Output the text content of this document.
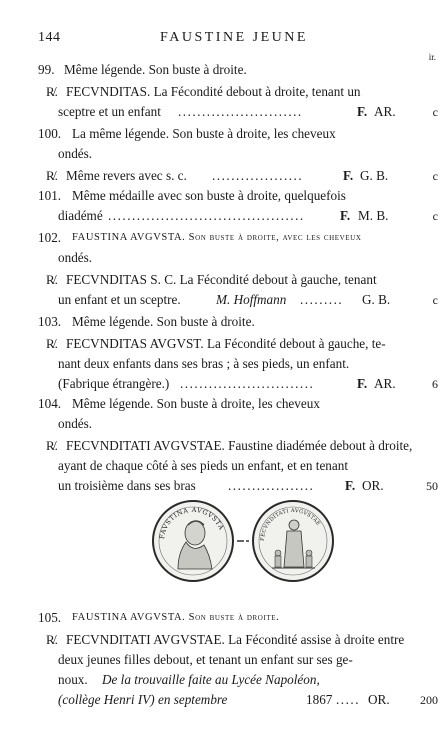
144	FAUSTINE JEUNE
ir.
99. Même légende. Son buste à droite.
R̸. FECVNDITAS. La Fécondité debout à droite, tenant un
sceptre et un enfant ..........................	F. AR.	c
100. La même légende. Son buste à droite, les cheveux
ondés.
R̸. Même revers avec s. c. ...................	F. G. B.	c
101. Même médaille avec son buste à droite, quelquefois
diadémé .........................................	F. M. B.	c
102. FAUSTINA AVGVSTA. Son buste à droite, avec les cheveux
ondés.
R̸. FECVNDITAS S. C. La Fécondité debout à gauche, tenant
un enfant et un sceptre.	M. Hoffmann ......... G. B.	c
103. Même légende. Son buste à droite.
R̸. FECVNDITAS AVGVST. La Fécondité debout à gauche, te-
nant deux enfants dans ses bras ; à ses pieds, un enfant.
(Fabrique étrangère.) ............................	F. AR.	6
104. Même légende. Son buste à droite, les cheveux
ondés.
R̸. FECVNDITATI AVGVSTAE. Faustine diadémée debout à droite,
ayant de chaque côté à ses pieds un enfant, et en tenant
un troisième dans ses bras .................. F. OR.	50
FAVSTINA AVGVSTA
FECVNDITATI AVGVSTAE
105. FAUSTINA AVGVSTA. Son buste à droite.
R̸. FECVNDITATI AVGVSTAE. La Fécondité assise à droite entre
deux jeunes filles debout, et tenant un enfant sur ses ge-
noux. De la trouvaille faite au Lycée Napoléon,
(collège Henri IV) en septembre	1867 ..... OR.	200
